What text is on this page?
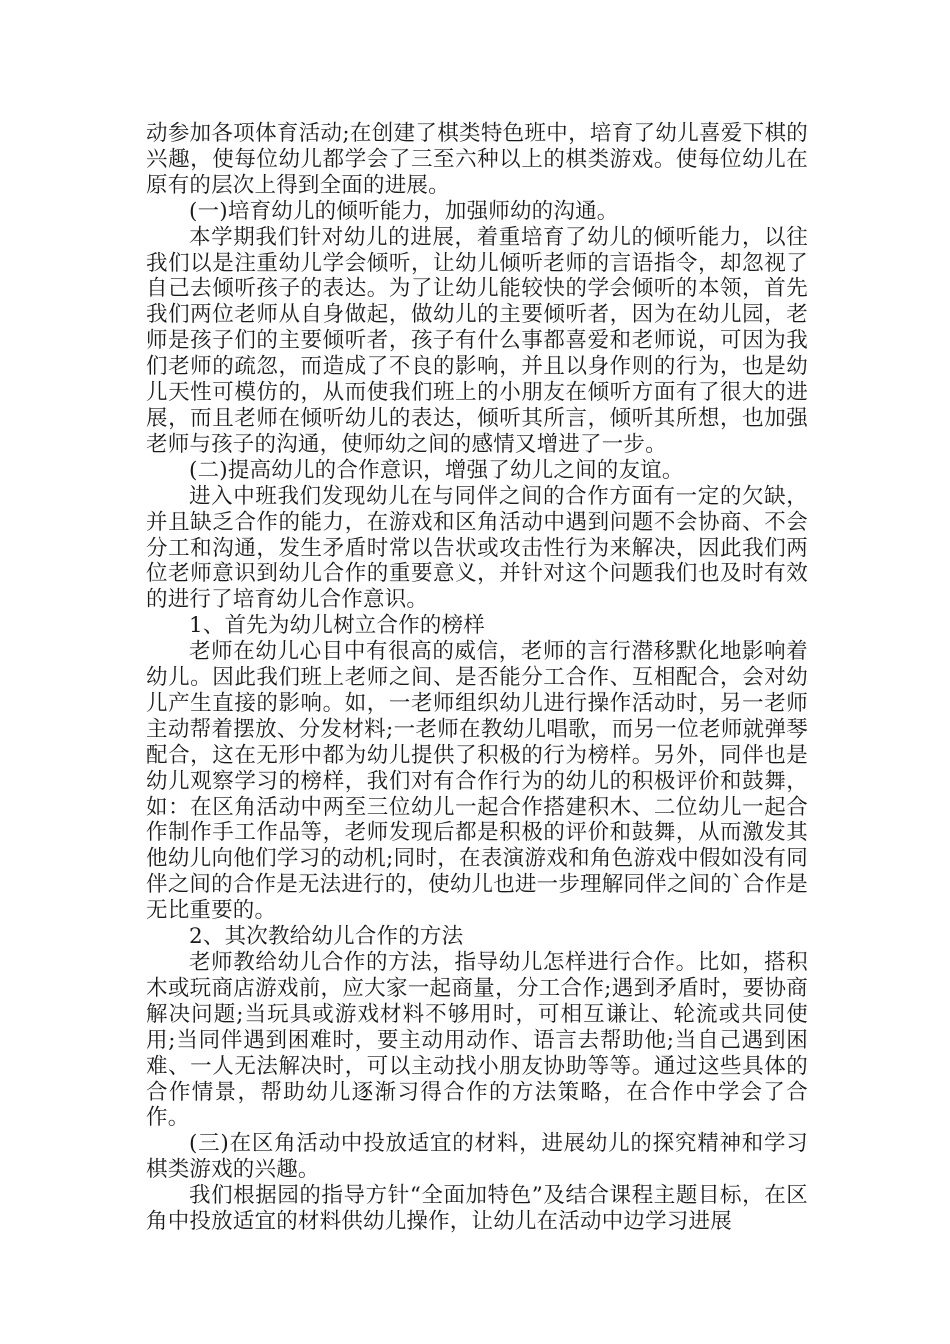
动参加各项体育活动;在创建了棋类特色班中，培育了幼儿喜爱下棋的兴趣，使每位幼儿都学会了三至六种以上的棋类游戏。使每位幼儿在原有的层次上得到全面的进展。

(一)培育幼儿的倾听能力，加强师幼的沟通。

本学期我们针对幼儿的进展，着重培育了幼儿的倾听能力，以往我们以是注重幼儿学会倾听，让幼儿倾听老师的言语指令，却忽视了自己去倾听孩子的表达。为了让幼儿能较快的学会倾听的本领，首先我们两位老师从自身做起，做幼儿的主要倾听者，因为在幼儿园，老师是孩子们的主要倾听者，孩子有什么事都喜爱和老师说，可因为我们老师的疏忽，而造成了不良的影响，并且以身作则的行为，也是幼儿天性可模仿的，从而使我们班上的小朋友在倾听方面有了很大的进展，而且老师在倾听幼儿的表达，倾听其所言，倾听其所想，也加强老师与孩子的沟通，使师幼之间的感情又增进了一步。

(二)提高幼儿的合作意识，增强了幼儿之间的友谊。

进入中班我们发现幼儿在与同伴之间的合作方面有一定的欠缺，并且缺乏合作的能力，在游戏和区角活动中遇到问题不会协商、不会分工和沟通，发生矛盾时常以告状或攻击性行为来解决，因此我们两位老师意识到幼儿合作的重要意义，并针对这个问题我们也及时有效的进行了培育幼儿合作意识。

1、首先为幼儿树立合作的榜样

老师在幼儿心目中有很高的威信，老师的言行潜移默化地影响着幼儿。因此我们班上老师之间、是否能分工合作、互相配合，会对幼儿产生直接的影响。如，一老师组织幼儿进行操作活动时，另一老师主动帮着摆放、分发材料;一老师在教幼儿唱歌，而另一位老师就弹琴配合，这在无形中都为幼儿提供了积极的行为榜样。另外，同伴也是幼儿观察学习的榜样，我们对有合作行为的幼儿的积极评价和鼓舞，如：在区角活动中两至三位幼儿一起合作搭建积木、二位幼儿一起合作制作手工作品等，老师发现后都是积极的评价和鼓舞，从而激发其他幼儿向他们学习的动机;同时，在表演游戏和角色游戏中假如没有同伴之间的合作是无法进行的，使幼儿也进一步理解同伴之间的`合作是无比重要的。

2、其次教给幼儿合作的方法

老师教给幼儿合作的方法，指导幼儿怎样进行合作。比如，搭积木或玩商店游戏前，应大家一起商量，分工合作;遇到矛盾时，要协商解决问题;当玩具或游戏材料不够用时，可相互谦让、轮流或共同使用;当同伴遇到困难时，要主动用动作、语言去帮助他;当自己遇到困难、一人无法解决时，可以主动找小朋友协助等等。通过这些具体的合作情景，帮助幼儿逐渐习得合作的方法策略，在合作中学会了合作。

(三)在区角活动中投放适宜的材料，进展幼儿的探究精神和学习棋类游戏的兴趣。

我们根据园的指导方针“全面加特色”及结合课程主题目标，在区角中投放适宜的材料供幼儿操作，让幼儿在活动中边学习进展
